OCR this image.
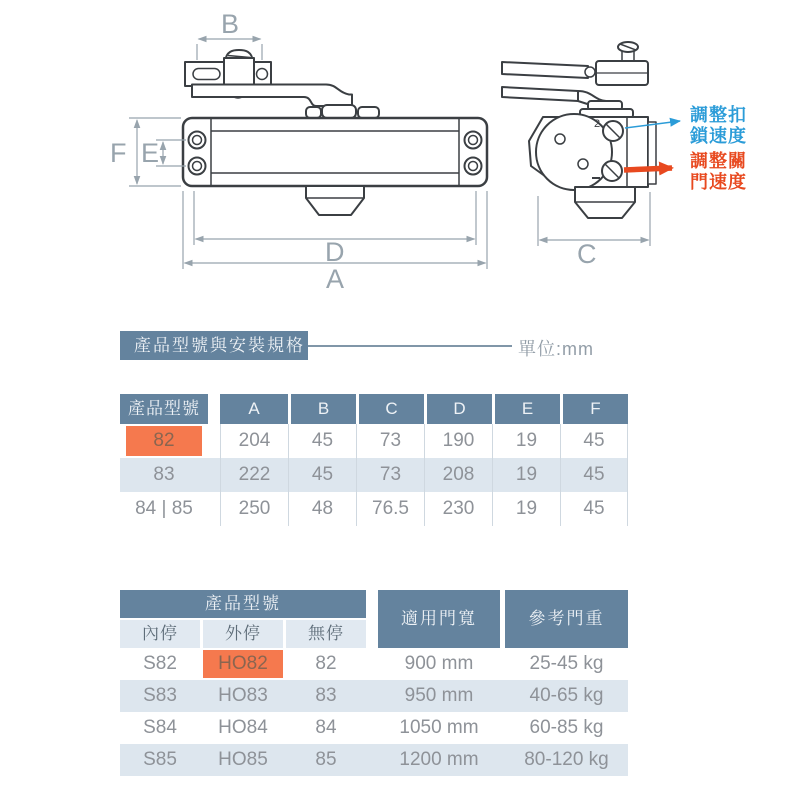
B
F E
D
A
2
C
調整扣
鎖速度
調整關
門速度
產品型號與安裝規格	單位:mm
產品型號	A	B	C	D	E	F
82	204	45	73	190	19	45
83	222	45	73	208	19	45
84 | 85	250	48	76.5	230	19	45
產品型號
內停	外停	無停
適用門寬	參考門重
S82	HO82	82	900 mm	25-45 kg
S83	HO83	83	950 mm	40-65 kg
S84	HO84	84	1050 mm	60-85 kg
S85	HO85	85	1200 mm	80-120 kg
